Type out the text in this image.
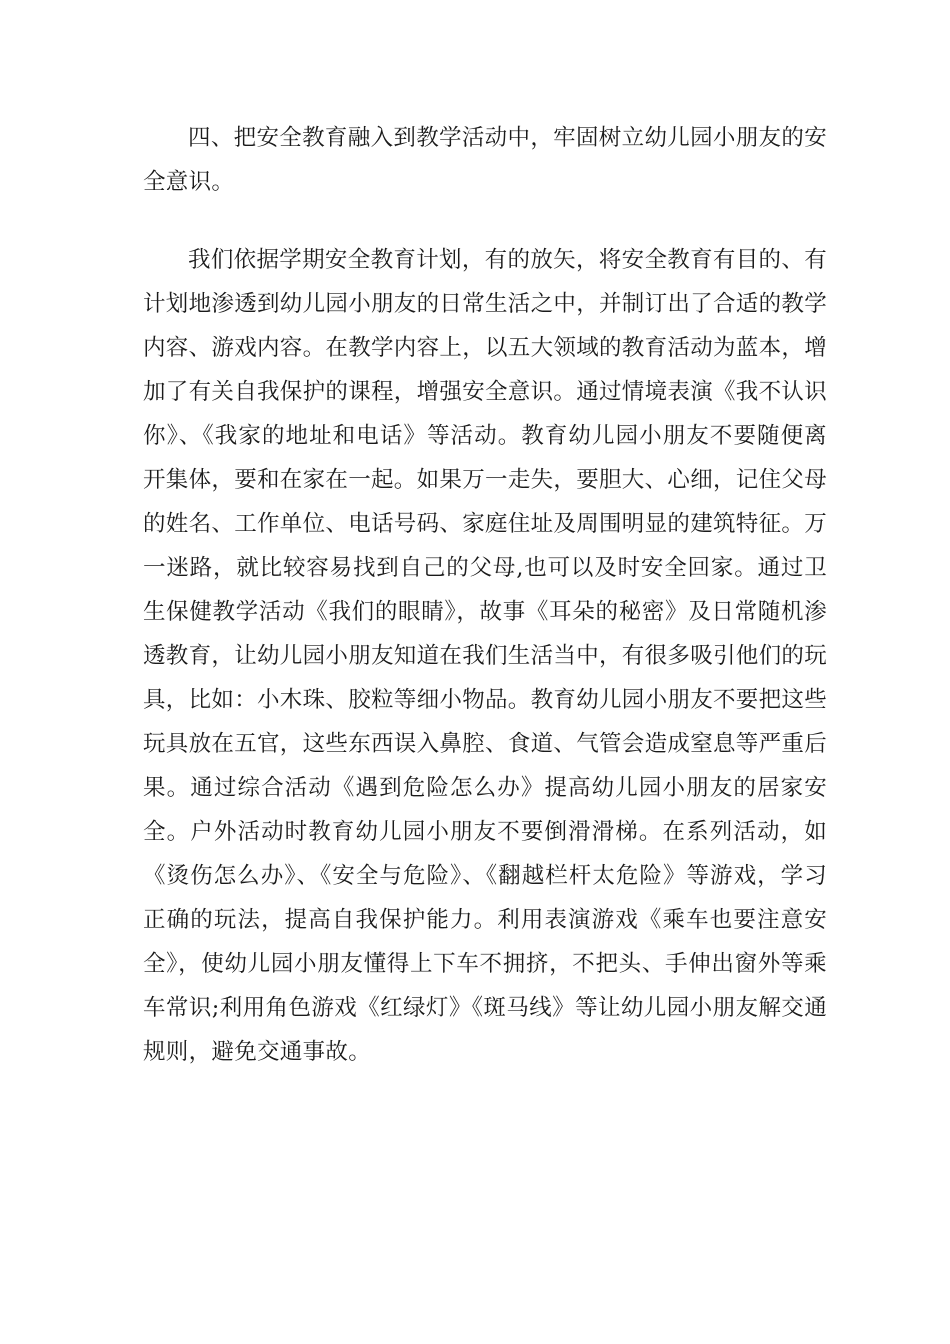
四、把安全教育融入到教学活动中，牢固树立幼儿园小朋友的安全意识。

我们依据学期安全教育计划，有的放矢，将安全教育有目的、有计划地渗透到幼儿园小朋友的日常生活之中，并制订出了合适的教学内容、游戏内容。在教学内容上，以五大领域的教育活动为蓝本，增加了有关自我保护的课程，增强安全意识。通过情境表演《我不认识你》、《我家的地址和电话》等活动。教育幼儿园小朋友不要随便离开集体，要和在家在一起。如果万一走失，要胆大、心细，记住父母的姓名、工作单位、电话号码、家庭住址及周围明显的建筑特征。万一迷路，就比较容易找到自己的父母,也可以及时安全回家。通过卫生保健教学活动《我们的眼睛》，故事《耳朵的秘密》及日常随机渗透教育，让幼儿园小朋友知道在我们生活当中，有很多吸引他们的玩具，比如：小木珠、胶粒等细小物品。教育幼儿园小朋友不要把这些玩具放在五官，这些东西误入鼻腔、食道、气管会造成窒息等严重后果。通过综合活动《遇到危险怎么办》提高幼儿园小朋友的居家安全。户外活动时教育幼儿园小朋友不要倒滑滑梯。在系列活动，如《烫伤怎么办》、《安全与危险》、《翻越栏杆太危险》等游戏，学习正确的玩法，提高自我保护能力。利用表演游戏《乘车也要注意安全》，使幼儿园小朋友懂得上下车不拥挤，不把头、手伸出窗外等乘车常识;利用角色游戏《红绿灯》《斑马线》等让幼儿园小朋友解交通规则，避免交通事故。
